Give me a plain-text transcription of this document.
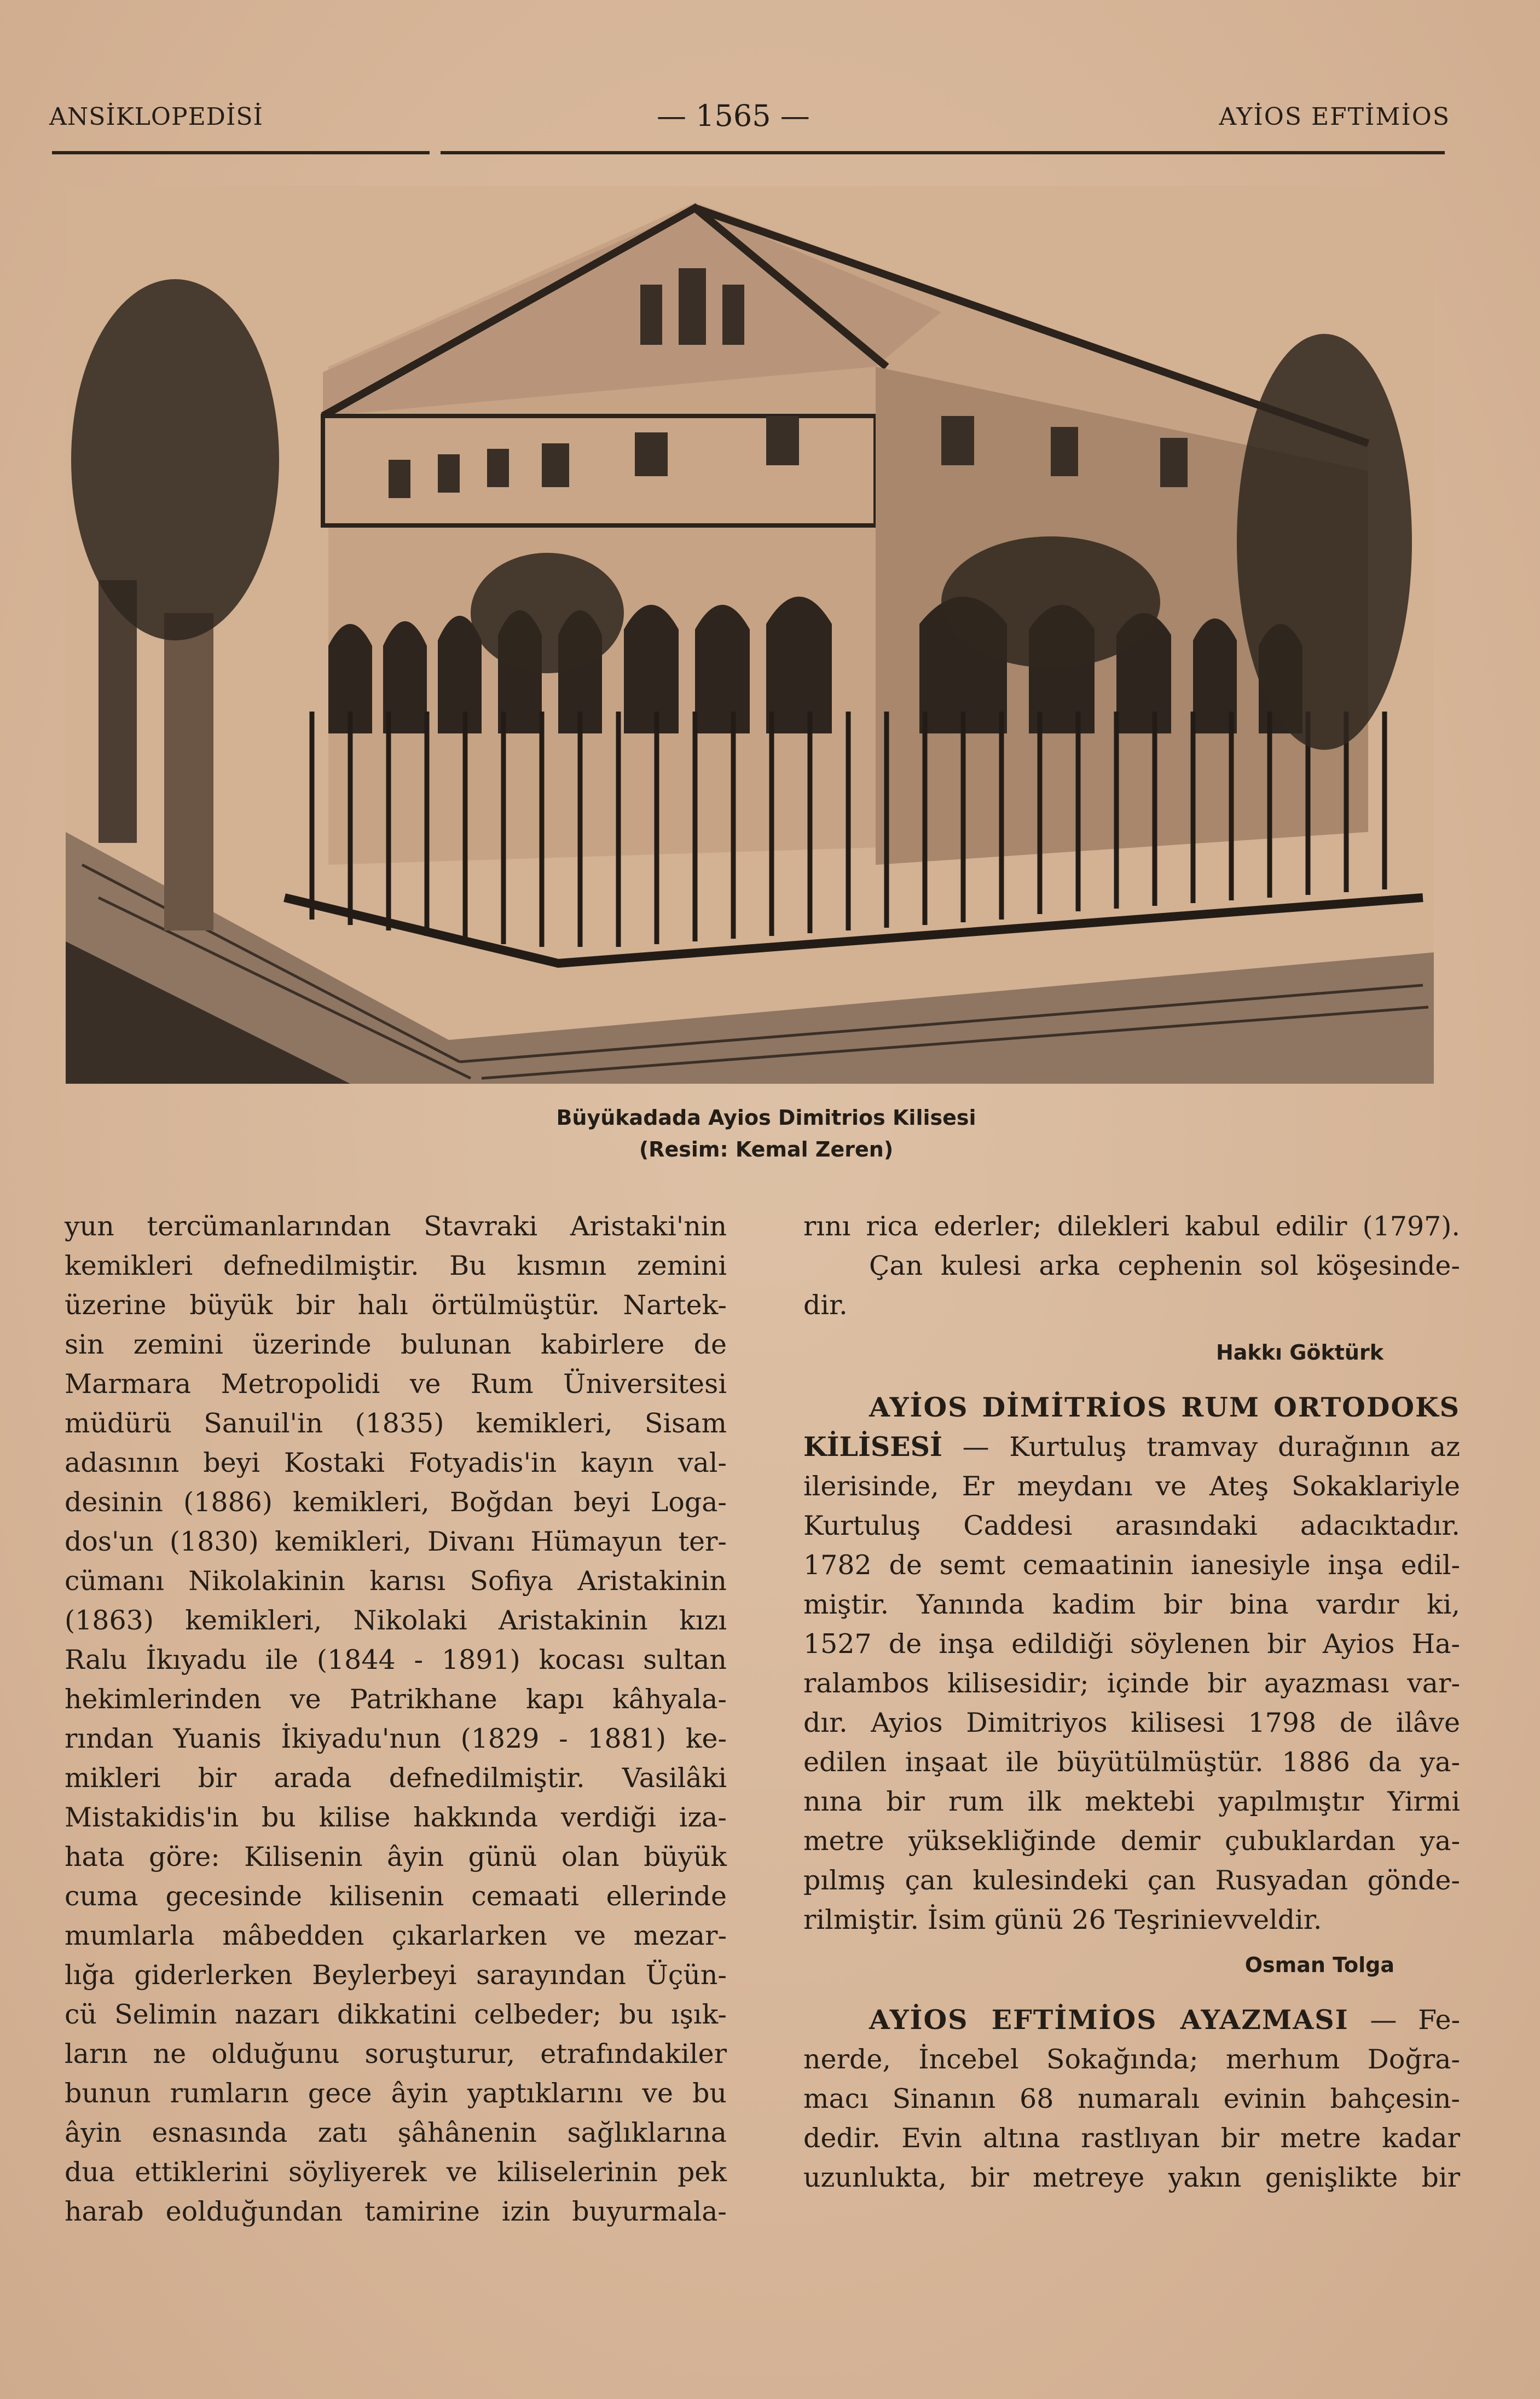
ANSİKLOPEDİSİ	— 1565 —	AYİOS EFTİMİOS
Büyükadada Ayios Dimitrios Kilisesi
(Resim: Kemal Zeren)
yun tercümanlarından Stavraki Aristaki'nin
kemikleri defnedilmiştir. Bu kısmın zemini
üzerine büyük bir halı örtülmüştür. Nartek-
sin zemini üzerinde bulunan kabirlere de
Marmara Metropolidi ve Rum Üniversitesi
müdürü Sanuil'in (1835) kemikleri, Sisam
adasının beyi Kostaki Fotyadis'in kayın val-
desinin (1886) kemikleri, Boğdan beyi Loga-
dos'un (1830) kemikleri, Divanı Hümayun ter-
cümanı Nikolakinin karısı Sofiya Aristakinin
(1863) kemikleri, Nikolaki Aristakinin kızı
Ralu İkıyadu ile (1844 - 1891) kocası sultan
hekimlerinden ve Patrikhane kapı kâhyala-
rından Yuanis İkiyadu'nun (1829 - 1881) ke-
mikleri bir arada defnedilmiştir. Vasilâki
Mistakidis'in bu kilise hakkında verdiği iza-
hata göre: Kilisenin âyin günü olan büyük
cuma gecesinde kilisenin cemaati ellerinde
mumlarla mâbedden çıkarlarken ve mezar-
lığa giderlerken Beylerbeyi sarayından Üçün-
cü Selimin nazarı dikkatini celbeder; bu ışık-
ların ne olduğunu soruşturur, etrafındakiler
bunun rumların gece âyin yaptıklarını ve bu
âyin esnasında zatı şâhânenin sağlıklarına
dua ettiklerini söyliyerek ve kiliselerinin pek
harab eolduğundan tamirine izin buyurmala-
rını rica ederler; dilekleri kabul edilir (1797).
Çan kulesi arka cephenin sol köşesinde-
dir.
Hakkı Göktürk
AYİOS DİMİTRİOS RUM ORTODOKS
KİLİSESİ — Kurtuluş tramvay durağının az
ilerisinde, Er meydanı ve Ateş Sokaklariyle
Kurtuluş Caddesi arasındaki adacıktadır.
1782 de semt cemaatinin ianesiyle inşa edil-
miştir. Yanında kadim bir bina vardır ki,
1527 de inşa edildiği söylenen bir Ayios Ha-
ralambos kilisesidir; içinde bir ayazması var-
dır. Ayios Dimitriyos kilisesi 1798 de ilâve
edilen inşaat ile büyütülmüştür. 1886 da ya-
nına bir rum ilk mektebi yapılmıştır Yirmi
metre yüksekliğinde demir çubuklardan ya-
pılmış çan kulesindeki çan Rusyadan gönde-
rilmiştir. İsim günü 26 Teşrinievveldir.
Osman Tolga
AYİOS EFTİMİOS AYAZMASI — Fe-
nerde, İncebel Sokağında; merhum Doğra-
macı Sinanın 68 numaralı evinin bahçesin-
dedir. Evin altına rastlıyan bir metre kadar
uzunlukta, bir metreye yakın genişlikte bir
